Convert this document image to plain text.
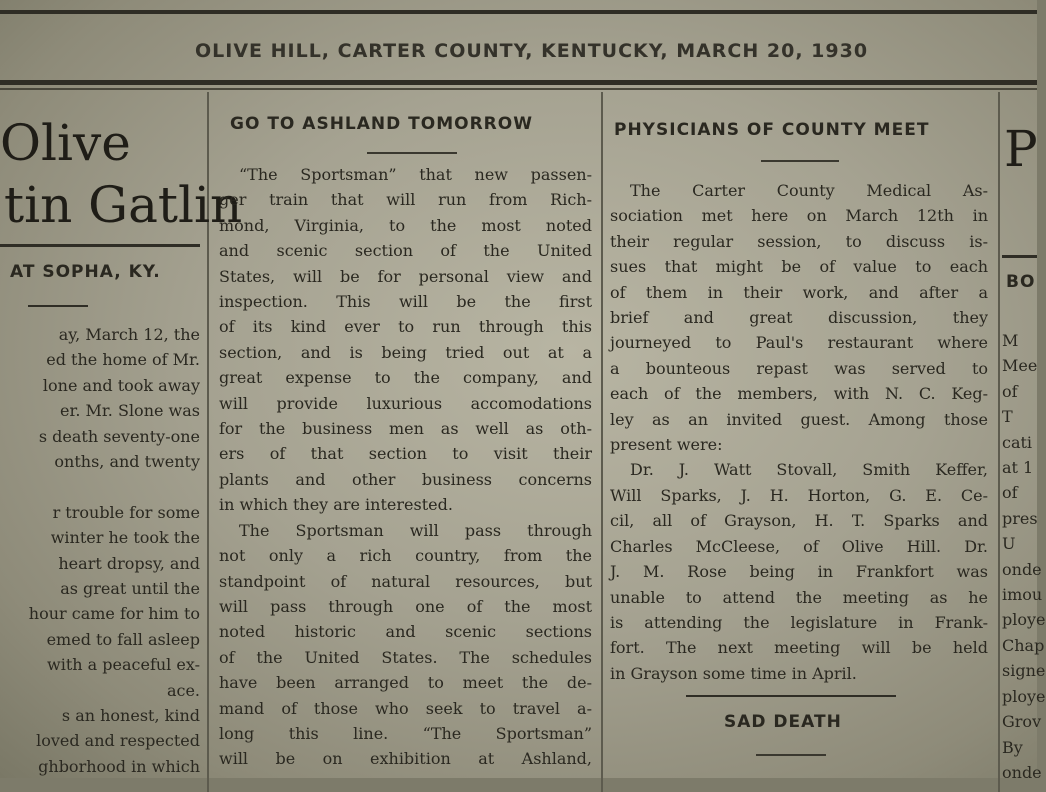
OLIVE HILL, CARTER COUNTY, KENTUCKY, MARCH 20, 1930
Olive
tin Gatlin
AT SOPHA, KY.
ay, March 12, the
ed the home of Mr.
lone and took away
er. Mr. Slone was
s death seventy-one
onths, and twenty
r trouble for some
winter he took the
heart dropsy, and
as great until the
hour came for him to
emed to fall asleep
with a peaceful ex-
ace.
s an honest, kind
loved and respected
ghborhood in which
GO TO ASHLAND TOMORROW
“The Sportsman” that new passen-
ger train that will run from Rich-
mond, Virginia, to the most noted
and scenic section of the United
States, will be for personal view and
inspection. This will be the first
of its kind ever to run through this
section, and is being tried out at a
great expense to the company, and
will provide luxurious accomodations
for the business men as well as oth-
ers of that section to visit their
plants and other business concerns
in which they are interested.
The Sportsman will pass through
not only a rich country, from the
standpoint of natural resources, but
will pass through one of the most
noted historic and scenic sections
of the United States. The schedules
have been arranged to meet the de-
mand of those who seek to travel a-
long this line. “The Sportsman”
will be on exhibition at Ashland,
PHYSICIANS OF COUNTY MEET
The Carter County Medical As-
sociation met here on March 12th in
their regular session, to discuss is-
sues that might be of value to each
of them in their work, and after a
brief and great discussion, they
journeyed to Paul's restaurant where
a bounteous repast was served to
each of the members, with N. C. Keg-
ley as an invited guest. Among those
present were:
Dr. J. Watt Stovall, Smith Keffer,
Will Sparks, J. H. Horton, G. E. Ce-
cil, all of Grayson, H. T. Sparks and
Charles McCleese, of Olive Hill. Dr.
J. M. Rose being in Frankfort was
unable to attend the meeting as he
is attending the legislature in Frank-
fort. The next meeting will be held
in Grayson some time in April.
SAD DEATH
P
BO
M
Mee
of
T
cati
at 1
of
pres
U
onde
imou
ploye
Chap
signe
ploye
Grov
By
onde
